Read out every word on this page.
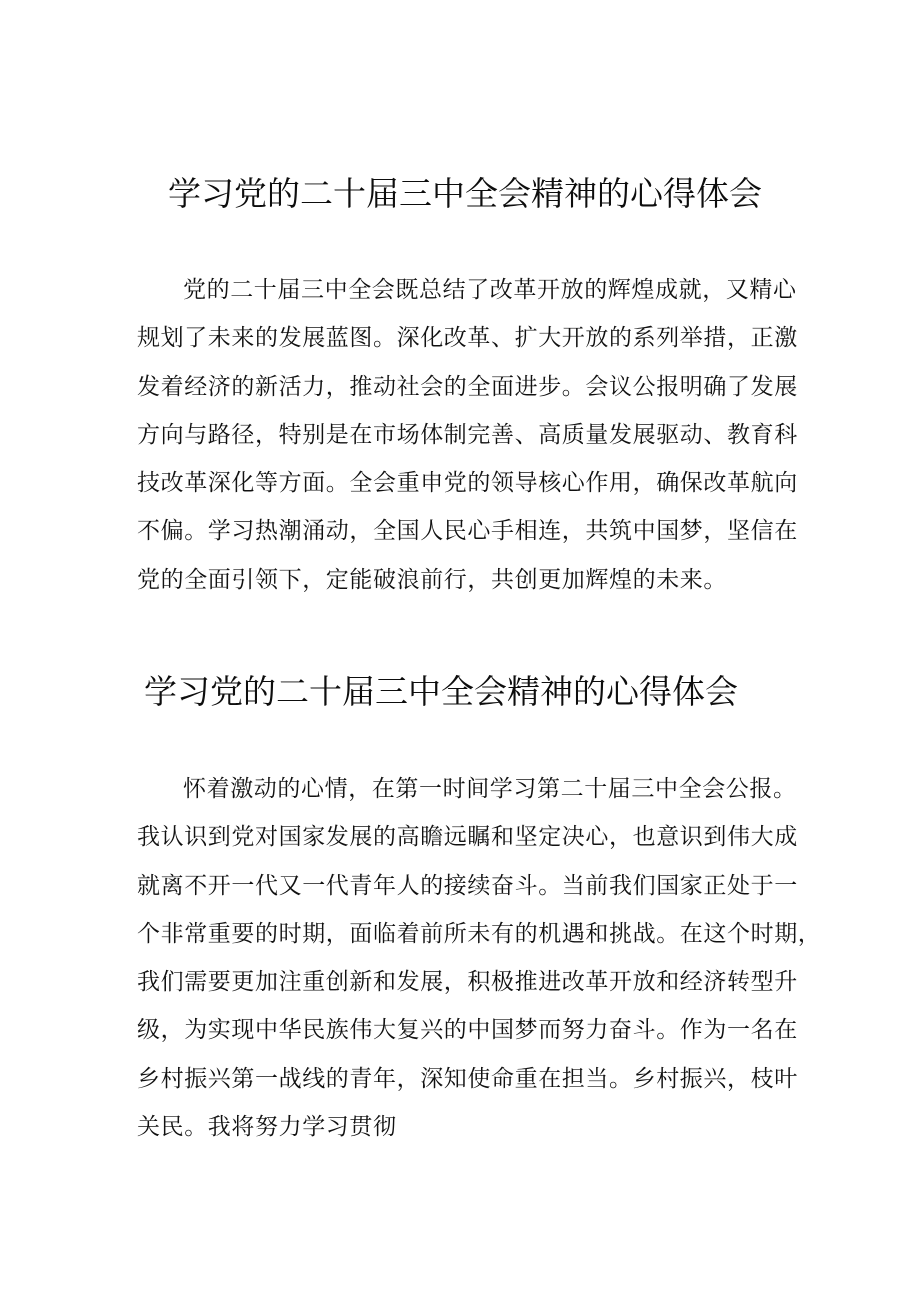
学习党的二十届三中全会精神的心得体会
党的二十届三中全会既总结了改革开放的辉煌成就，又精心
规划了未来的发展蓝图。深化改革、扩大开放的系列举措，正激
发着经济的新活力，推动社会的全面进步。会议公报明确了发展
方向与路径，特别是在市场体制完善、高质量发展驱动、教育科
技改革深化等方面。全会重申党的领导核心作用，确保改革航向
不偏。学习热潮涌动，全国人民心手相连，共筑中国梦，坚信在
党的全面引领下，定能破浪前行，共创更加辉煌的未来。
学习党的二十届三中全会精神的心得体会
怀着激动的心情，在第一时间学习第二十届三中全会公报。
我认识到党对国家发展的高瞻远瞩和坚定决心，也意识到伟大成
就离不开一代又一代青年人的接续奋斗。当前我们国家正处于一
个非常重要的时期，面临着前所未有的机遇和挑战。在这个时期，
我们需要更加注重创新和发展，积极推进改革开放和经济转型升
级，为实现中华民族伟大复兴的中国梦而努力奋斗。作为一名在
乡村振兴第一战线的青年，深知使命重在担当。乡村振兴，枝叶
关民。我将努力学习贯彻
